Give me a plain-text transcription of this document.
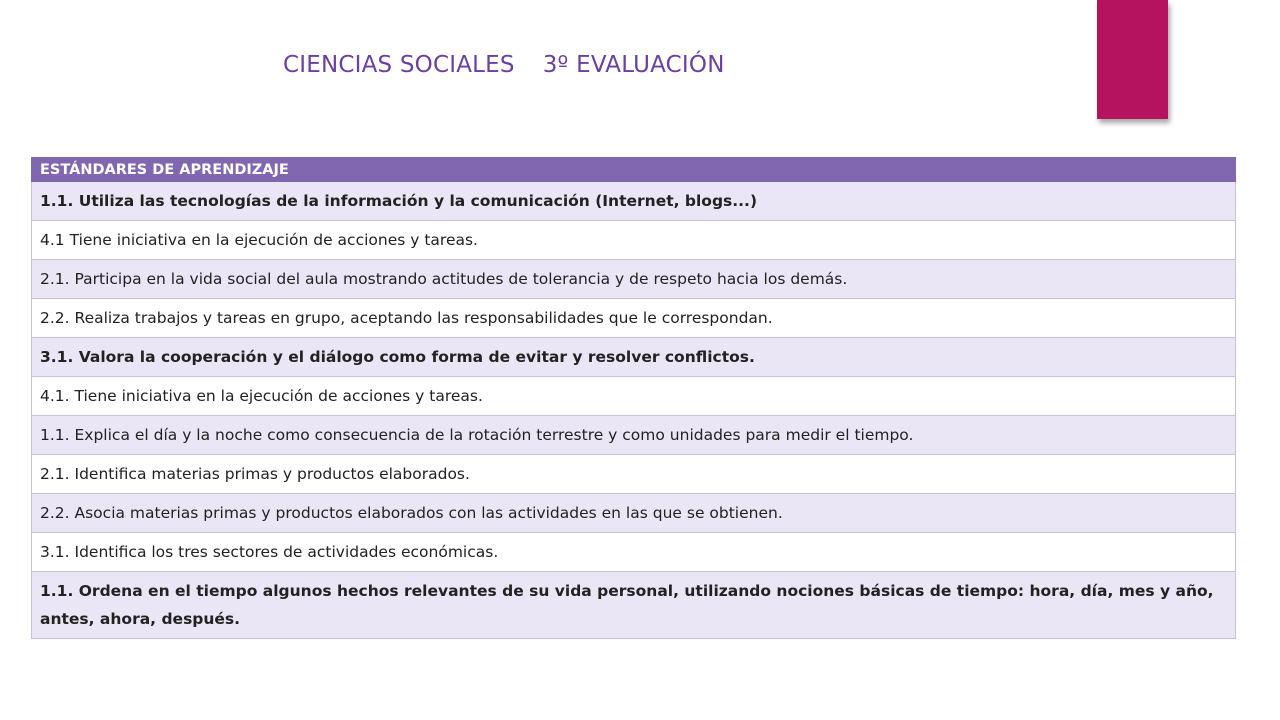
CIENCIAS SOCIALES 3º EVALUACIÓN
ESTÁNDARES DE APRENDIZAJE
1.1. Utiliza las tecnologías de la información y la comunicación (Internet, blogs...)
4.1 Tiene iniciativa en la ejecución de acciones y tareas.
2.1. Participa en la vida social del aula mostrando actitudes de tolerancia y de respeto hacia los demás.
2.2. Realiza trabajos y tareas en grupo, aceptando las responsabilidades que le correspondan.
3.1. Valora la cooperación y el diálogo como forma de evitar y resolver conflictos.
4.1. Tiene iniciativa en la ejecución de acciones y tareas.
1.1. Explica el día y la noche como consecuencia de la rotación terrestre y como unidades para medir el tiempo.
2.1. Identifica materias primas y productos elaborados.
2.2. Asocia materias primas y productos elaborados con las actividades en las que se obtienen.
3.1. Identifica los tres sectores de actividades económicas.
1.1. Ordena en el tiempo algunos hechos relevantes de su vida personal, utilizando nociones básicas de tiempo: hora, día, mes y año, antes, ahora, después.
